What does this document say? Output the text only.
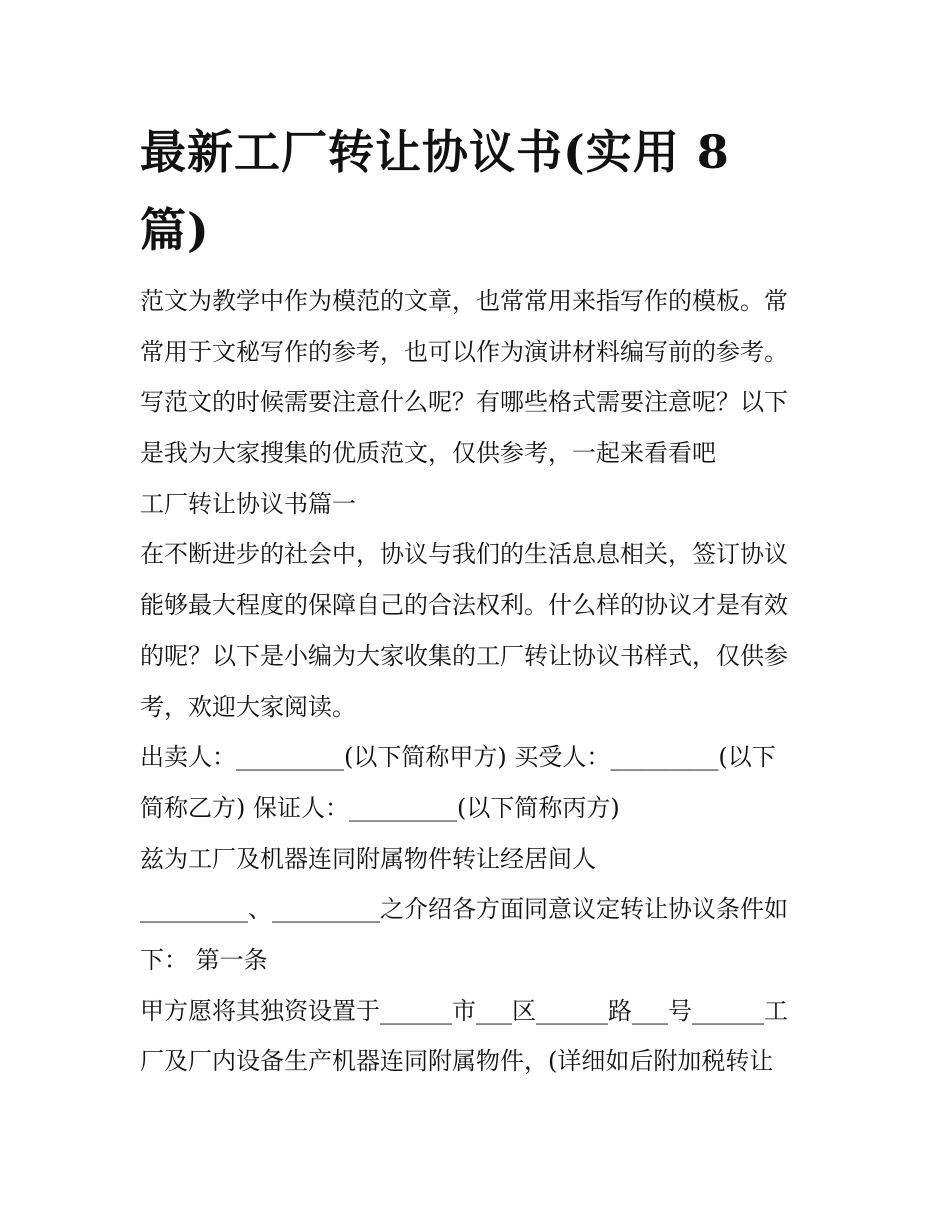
最新工厂转让协议书(实用 8
篇)
范文为教学中作为模范的文章，也常常用来指写作的模板。常
常用于文秘写作的参考，也可以作为演讲材料编写前的参考。
写范文的时候需要注意什么呢？有哪些格式需要注意呢？以下
是我为大家搜集的优质范文，仅供参考，一起来看看吧
工厂转让协议书篇一
在不断进步的社会中，协议与我们的生活息息相关，签订协议
能够最大程度的保障自己的合法权利。什么样的协议才是有效
的呢？以下是小编为大家收集的工厂转让协议书样式，仅供参
考，欢迎大家阅读。
出卖人：_________(以下简称甲方) 买受人：_________(以下
简称乙方) 保证人：_________(以下简称丙方)
兹为工厂及机器连同附属物件转让经居间人
_________、_________之介绍各方面同意议定转让协议条件如
下： 第一条
甲方愿将其独资设置于______市___区______路___号______工
厂及厂内设备生产机器连同附属物件，(详细如后附加税转让
